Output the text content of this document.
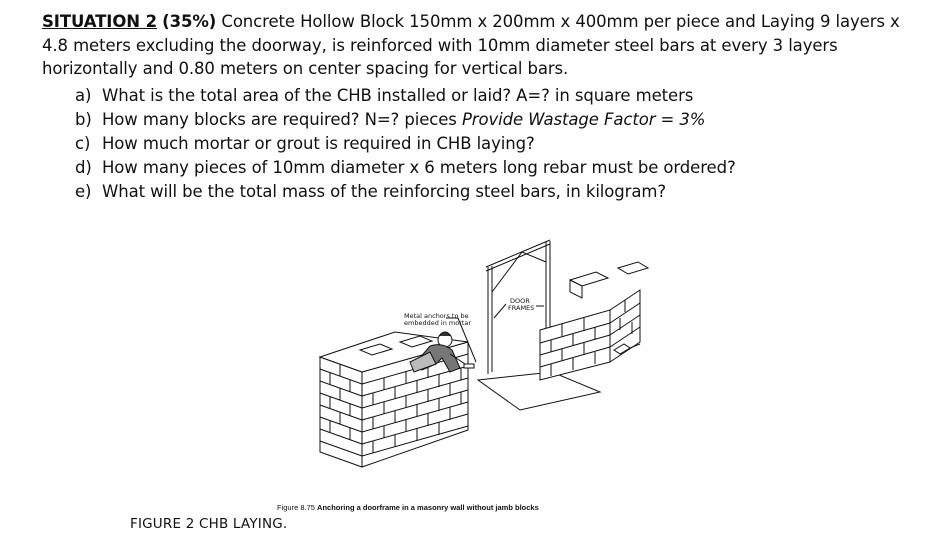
SITUATION 2 (35%) Concrete Hollow Block 150mm x 200mm x 400mm per piece and Laying 9 layers x 4.8 meters excluding the doorway, is reinforced with 10mm diameter steel bars at every 3 layers horizontally and 0.80 meters on center spacing for vertical bars.
a) What is the total area of the CHB installed or laid? A=? in square meters
b) How many blocks are required? N=? pieces Provide Wastage Factor = 3%
c) How much mortar or grout is required in CHB laying?
d) How many pieces of 10mm diameter x 6 meters long rebar must be ordered?
e) What will be the total mass of the reinforcing steel bars, in kilogram?
Metal anchors to be
embedded in mortar
DOOR
FRAMES
Figure 8.75 Anchoring a doorframe in a masonry wall without jamb blocks
FIGURE 2 CHB LAYING.
